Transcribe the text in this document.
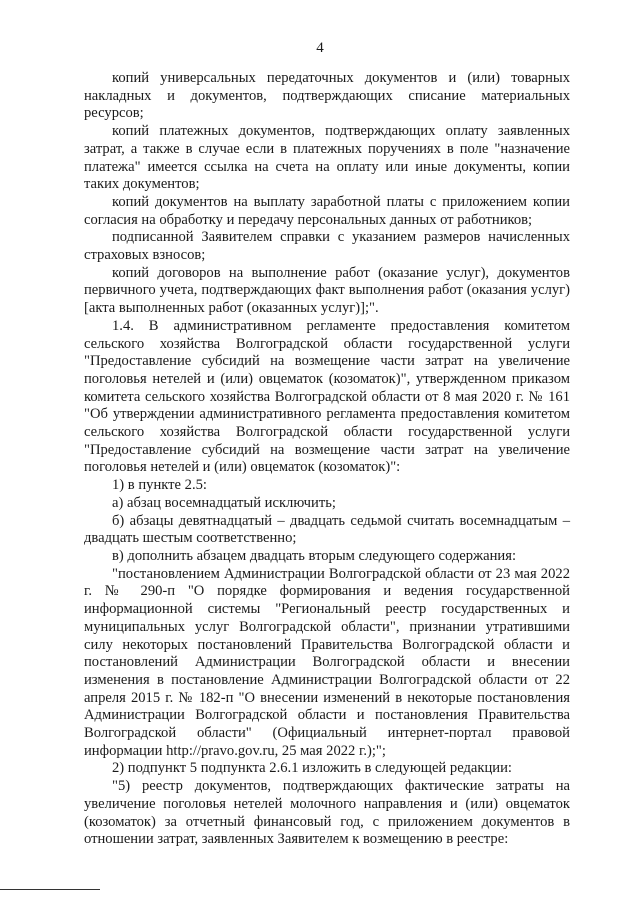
4

копий универсальных передаточных документов и (или) товарных накладных и документов, подтверждающих списание материальных ресурсов;

копий платежных документов, подтверждающих оплату заявленных затрат, а также в случае если в платежных поручениях в поле "назначение платежа" имеется ссылка на счета на оплату или иные документы, копии таких документов;

копий документов на выплату заработной платы с приложением копии согласия на обработку и передачу персональных данных от работников;

подписанной Заявителем справки с указанием размеров начисленных страховых взносов;

копий договоров на выполнение работ (оказание услуг), документов первичного учета, подтверждающих факт выполнения работ (оказания услуг) [акта выполненных работ (оказанных услуг)];".

1.4. В административном регламенте предоставления комитетом сельского хозяйства Волгоградской области государственной услуги "Предоставление субсидий на возмещение части затрат на увеличение поголовья нетелей и (или) овцематок (козоматок)", утвержденном приказом комитета сельского хозяйства Волгоградской области от 8 мая 2020 г. № 161 "Об утверждении административного регламента предоставления комитетом сельского хозяйства Волгоградской области государственной услуги "Предоставление субсидий на возмещение части затрат на увеличение поголовья нетелей и (или) овцематок (козоматок)":

1) в пункте 2.5:

а) абзац восемнадцатый исключить;

б) абзацы девятнадцатый – двадцать седьмой считать восемнадцатым – двадцать шестым соответственно;

в) дополнить абзацем двадцать вторым следующего содержания:

"постановлением Администрации Волгоградской области от 23 мая 2022 г. № 290-п "О порядке формирования и ведения государственной информационной системы "Региональный реестр государственных и муниципальных услуг Волгоградской области", признании утратившими силу некоторых постановлений Правительства Волгоградской области и постановлений Администрации Волгоградской области и внесении изменения в постановление Администрации Волгоградской области от 22 апреля 2015 г. № 182-п "О внесении изменений в некоторые постановления Администрации Волгоградской области и постановления Правительства Волгоградской области" (Официальный интернет-портал правовой информации http://pravo.gov.ru, 25 мая 2022 г.);";

2) подпункт 5 подпункта 2.6.1 изложить в следующей редакции:

"5) реестр документов, подтверждающих фактические затраты на увеличение поголовья нетелей молочного направления и (или) овцематок (козоматок) за отчетный финансовый год, с приложением документов в отношении затрат, заявленных Заявителем к возмещению в реестре:
